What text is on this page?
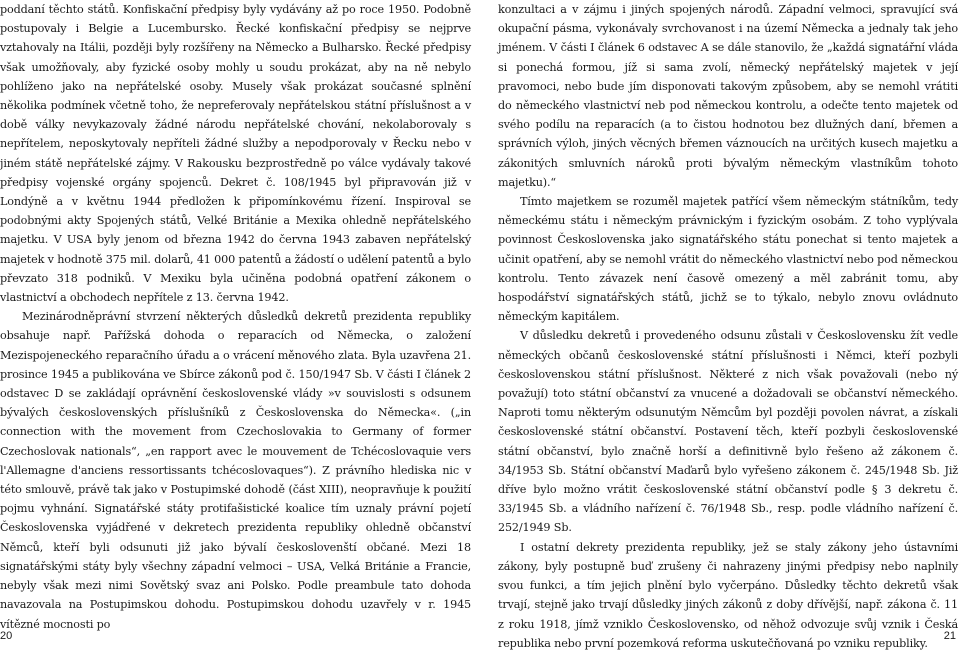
poddaní těchto států. Konfiskační předpisy byly vydávány až po roce 1950. Podobně postupovaly i Belgie a Lucembursko. Řecké konfiskační předpisy se nejprve vztahovaly na Itálii, později byly rozšířeny na Německo a Bulharsko. Řecké předpisy však umožňovaly, aby fyzické osoby mohly u soudu prokázat, aby na ně nebylo pohlíženo jako na nepřátelské osoby. Musely však prokázat současné splnění několika podmínek včetně toho, že nepreferovaly nepřátelskou státní příslušnost a v době války nevykazovaly žádné národu nepřátelské chování, nekolaborovaly s nepřítelem, neposkytovaly nepříteli žádné služby a nepodporovaly v Řecku nebo v jiném státě nepřátelské zájmy. V Rakousku bezprostředně po válce vydávaly takové předpisy vojenské orgány spojenců. Dekret č. 108/1945 byl připravován již v Londýně a v květnu 1944 předložen k připomínkovému řízení. Inspiroval se podobnými akty Spojených států, Velké Británie a Mexika ohledně nepřátelského majetku. V USA byly jenom od března 1942 do června 1943 zabaven nepřátelský majetek v hodnotě 375 mil. dolarů, 41 000 patentů a žádostí o udělení patentů a bylo převzato 318 podniků. V Mexiku byla učiněna podobná opatření zákonem o vlastnictví a obchodech nepřítele z 13. června 1942.

Mezinárodněprávní stvrzení některých důsledků dekretů prezidenta republiky obsahuje např. Pařížská dohoda o reparacích od Německa, o založení Mezispojeneckého reparačního úřadu a o vrácení měnového zlata. Byla uzavřena 21. prosince 1945 a publikována ve Sbírce zákonů pod č. 150/1947 Sb. V části I článek 2 odstavec D se zakládají oprávnění československé vlády »v souvislosti s odsunem bývalých československých příslušníků z Československa do Německa«. („in connection with the movement from Czechoslovakia to Germany of former Czechoslovak nationals“, „en rapport avec le mouvement de Tchécoslovaquie vers l'Allemagne d'anciens ressortissants tchécoslovaques“). Z právního hlediska nic v této smlouvě, právě tak jako v Postupimské dohodě (část XIII), neopravňuje k použití pojmu vyhnání. Signatářské státy protifašistické koalice tím uznaly právní pojetí Československa vyjádřené v dekretech prezidenta republiky ohledně občanství Němců, kteří byli odsunuti již jako bývalí českoslovenští občané. Mezi 18 signatářskými státy byly všechny západní velmoci – USA, Velká Británie a Francie, nebyly však mezi nimi Sovětský svaz ani Polsko. Podle preambule tato dohoda navazovala na Postupimskou dohodu. Postupimskou dohodu uzavřely v r. 1945 vítězné mocnosti po

konzultaci a v zájmu i jiných spojených národů. Západní velmoci, spravující svá okupační pásma, vykonávaly svrchovanost i na území Německa a jednaly tak jeho jménem. V části I článek 6 odstavec A se dále stanovilo, že „každá signatářní vláda si ponechá formou, jíž si sama zvolí, německý nepřátelský majetek v její pravomoci, nebo bude jím disponovati takovým způsobem, aby se nemohl vrátiti do německého vlastnictví neb pod německou kontrolu, a odečte tento majetek od svého podílu na reparacích (a to čistou hodnotou bez dlužných daní, břemen a správních výloh, jiných věcných břemen váznoucích na určitých kusech majetku a zákonitých smluvních nároků proti bývalým německým vlastníkům tohoto majetku).“

Tímto majetkem se rozuměl majetek patřící všem německým státníkům, tedy německému státu i německým právnickým i fyzickým osobám. Z toho vyplývala povinnost Československa jako signatářského státu ponechat si tento majetek a učinit opatření, aby se nemohl vrátit do německého vlastnictví nebo pod německou kontrolu. Tento závazek není časově omezený a měl zabránit tomu, aby hospodářství signatářských států, jichž se to týkalo, nebylo znovu ovládnuto německým kapitálem.

V důsledku dekretů i provedeného odsunu zůstali v Československu žít vedle německých občanů československé státní příslušnosti i Němci, kteří pozbyli československou státní příslušnost. Některé z nich však považovali (nebo ný považují) toto státní občanství za vnucené a dožadovali se občanství německého. Naproti tomu některým odsunutým Němcům byl později povolen návrat, a získali československé státní občanství. Postavení těch, kteří pozbyli československé státní občanství, bylo značně horší a definitivně bylo řešeno až zákonem č. 34/1953 Sb. Státní občanství Maďarů bylo vyřešeno zákonem č. 245/1948 Sb. Již dříve bylo možno vrátit československé státní občanství podle § 3 dekretu č. 33/1945 Sb. a vládního nařízení č. 76/1948 Sb., resp. podle vládního nařízení č. 252/1949 Sb.

I ostatní dekrety prezidenta republiky, jež se staly zákony jeho ústavními zákony, byly postupně buď zrušeny či nahrazeny jinými předpisy nebo naplnily svou funkci, a tím jejich plnění bylo vyčerpáno. Důsledky těchto dekretů však trvají, stejně jako trvají důsledky jiných zákonů z doby dřívější, např. zákona č. 11 z roku 1918, jímž vzniklo Československo, od něhož odvozuje svůj vznik i Česká republika nebo první pozemková reforma uskutečňovaná po vzniku republiky.

20	21
